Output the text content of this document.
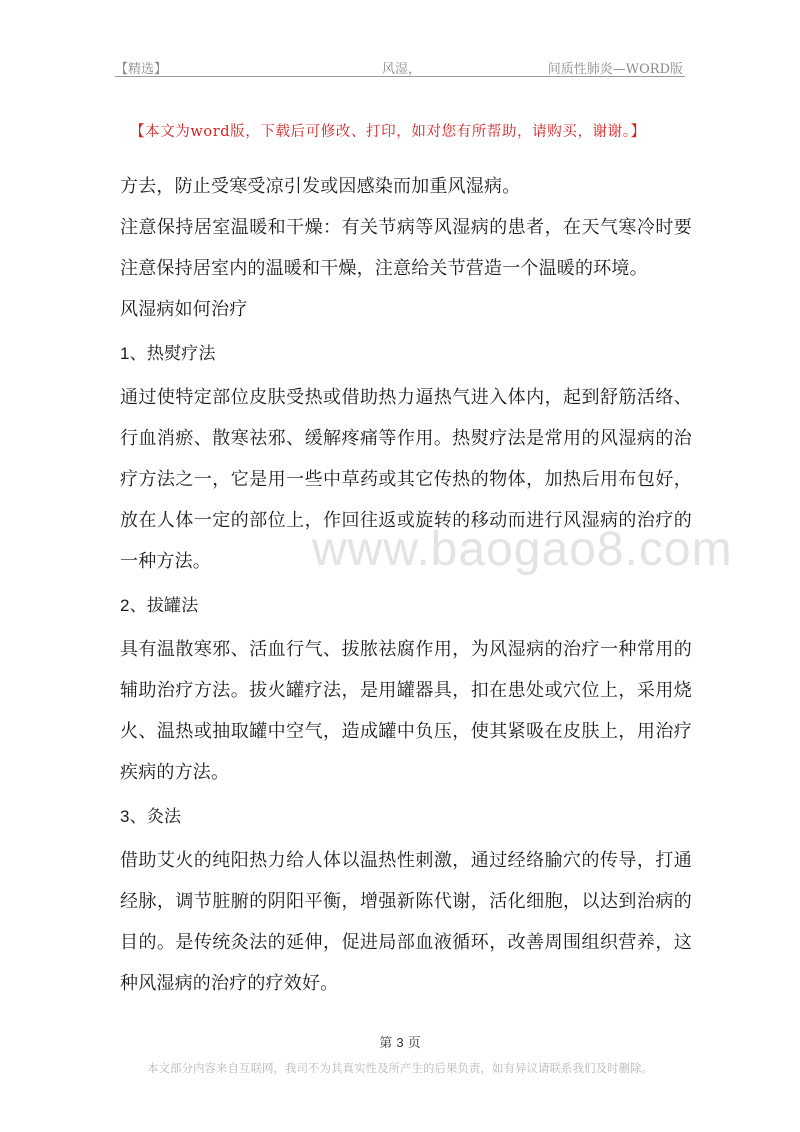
【精选】	风湿，	间质性肺炎—WORD版
【本文为word版，下载后可修改、打印，如对您有所帮助，请购买，谢谢。】

方去，防止受寒受凉引发或因感染而加重风湿病。

注意保持居室温暖和干燥：有关节病等风湿病的患者，在天气寒冷时要注意保持居室内的温暖和干燥，注意给关节营造一个温暖的环境。

风湿病如何治疗

1、热熨疗法

通过使特定部位皮肤受热或借助热力逼热气进入体内，起到舒筋活络、行血消瘀、散寒祛邪、缓解疼痛等作用。热熨疗法是常用的风湿病的治疗方法之一，它是用一些中草药或其它传热的物体，加热后用布包好，放在人体一定的部位上，作回往返或旋转的移动而进行风湿病的治疗的一种方法。

2、拔罐法

具有温散寒邪、活血行气、拔脓祛腐作用，为风湿病的治疗一种常用的辅助治疗方法。拔火罐疗法，是用罐器具，扣在患处或穴位上，采用烧火、温热或抽取罐中空气，造成罐中负压，使其紧吸在皮肤上，用治疗疾病的方法。

3、灸法

借助艾火的纯阳热力给人体以温热性刺激，通过经络腧穴的传导，打通经脉，调节脏腑的阴阳平衡，增强新陈代谢，活化细胞，以达到治病的目的。是传统灸法的延伸，促进局部血液循环，改善周围组织营养，这种风湿病的治疗的疗效好。

www.baogao8.com
第 3 页
本文部分内容来自互联网，我司不为其真实性及所产生的后果负责，如有异议请联系我们及时删除。
